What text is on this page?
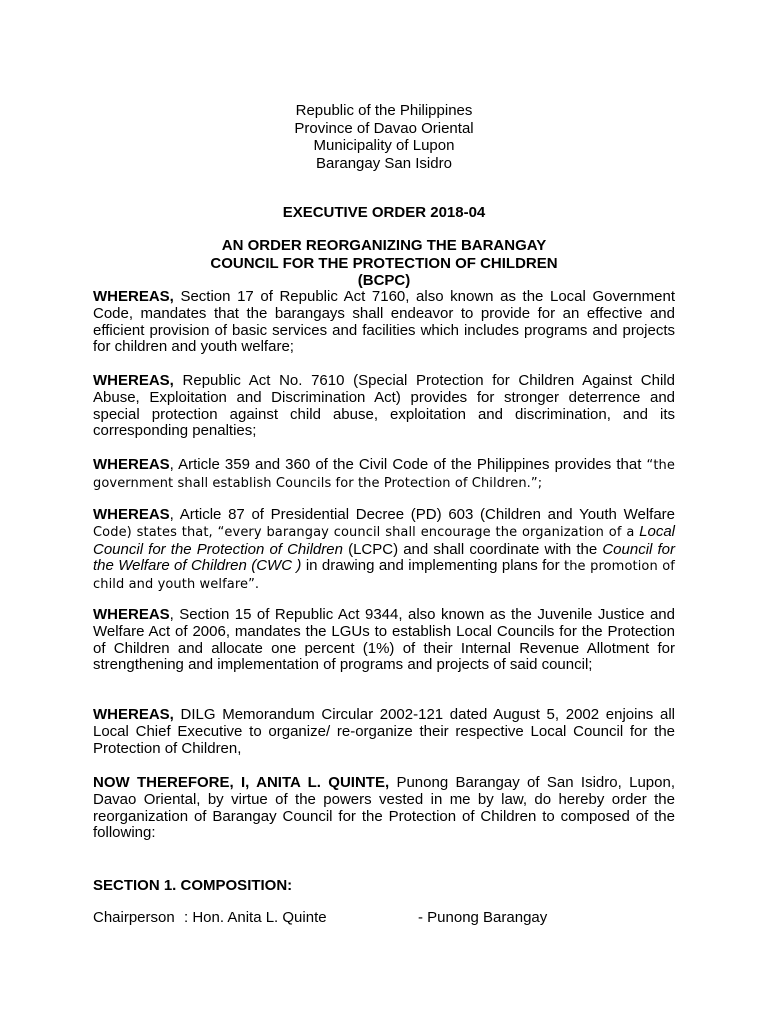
Republic of the Philippines
Province of Davao Oriental
Municipality of Lupon
Barangay San Isidro
EXECUTIVE ORDER 2018-04
AN ORDER REORGANIZING THE BARANGAY COUNCIL FOR THE PROTECTION OF CHILDREN (BCPC)
WHEREAS, Section 17 of Republic Act 7160, also known as the Local Government Code, mandates that the barangays shall endeavor to provide for an effective and efficient provision of basic services and facilities which includes programs and projects for children and youth welfare;
WHEREAS, Republic Act No. 7610 (Special Protection for Children Against Child Abuse, Exploitation and Discrimination Act) provides for stronger deterrence and special protection against child abuse, exploitation and discrimination, and its corresponding penalties;
WHEREAS, Article 359 and 360 of the Civil Code of the Philippines provides that “the government shall establish Councils for the Protection of Children.”;
WHEREAS, Article 87 of Presidential Decree (PD) 603 (Children and Youth Welfare Code) states that, “every barangay council shall encourage the organization of a Local Council for the Protection of Children (LCPC) and shall coordinate with the Council for the Welfare of Children (CWC ) in drawing and implementing plans for the promotion of child and youth welfare”.
WHEREAS, Section 15 of Republic Act 9344, also known as the Juvenile Justice and Welfare Act of 2006, mandates the LGUs to establish Local Councils for the Protection of Children and allocate one percent (1%) of their Internal Revenue Allotment for strengthening and implementation of programs and projects of said council;
WHEREAS, DILG Memorandum Circular 2002-121 dated August 5, 2002 enjoins all Local Chief Executive to organize/ re-organize their respective Local Council for the Protection of Children,
NOW THEREFORE, I, ANITA L. QUINTE, Punong Barangay of San Isidro, Lupon, Davao Oriental, by virtue of the powers vested in me by law, do hereby order the reorganization of Barangay Council for the Protection of Children to composed of the following:
SECTION 1. COMPOSITION:
Chairperson : Hon. Anita L. Quinte	- Punong Barangay
